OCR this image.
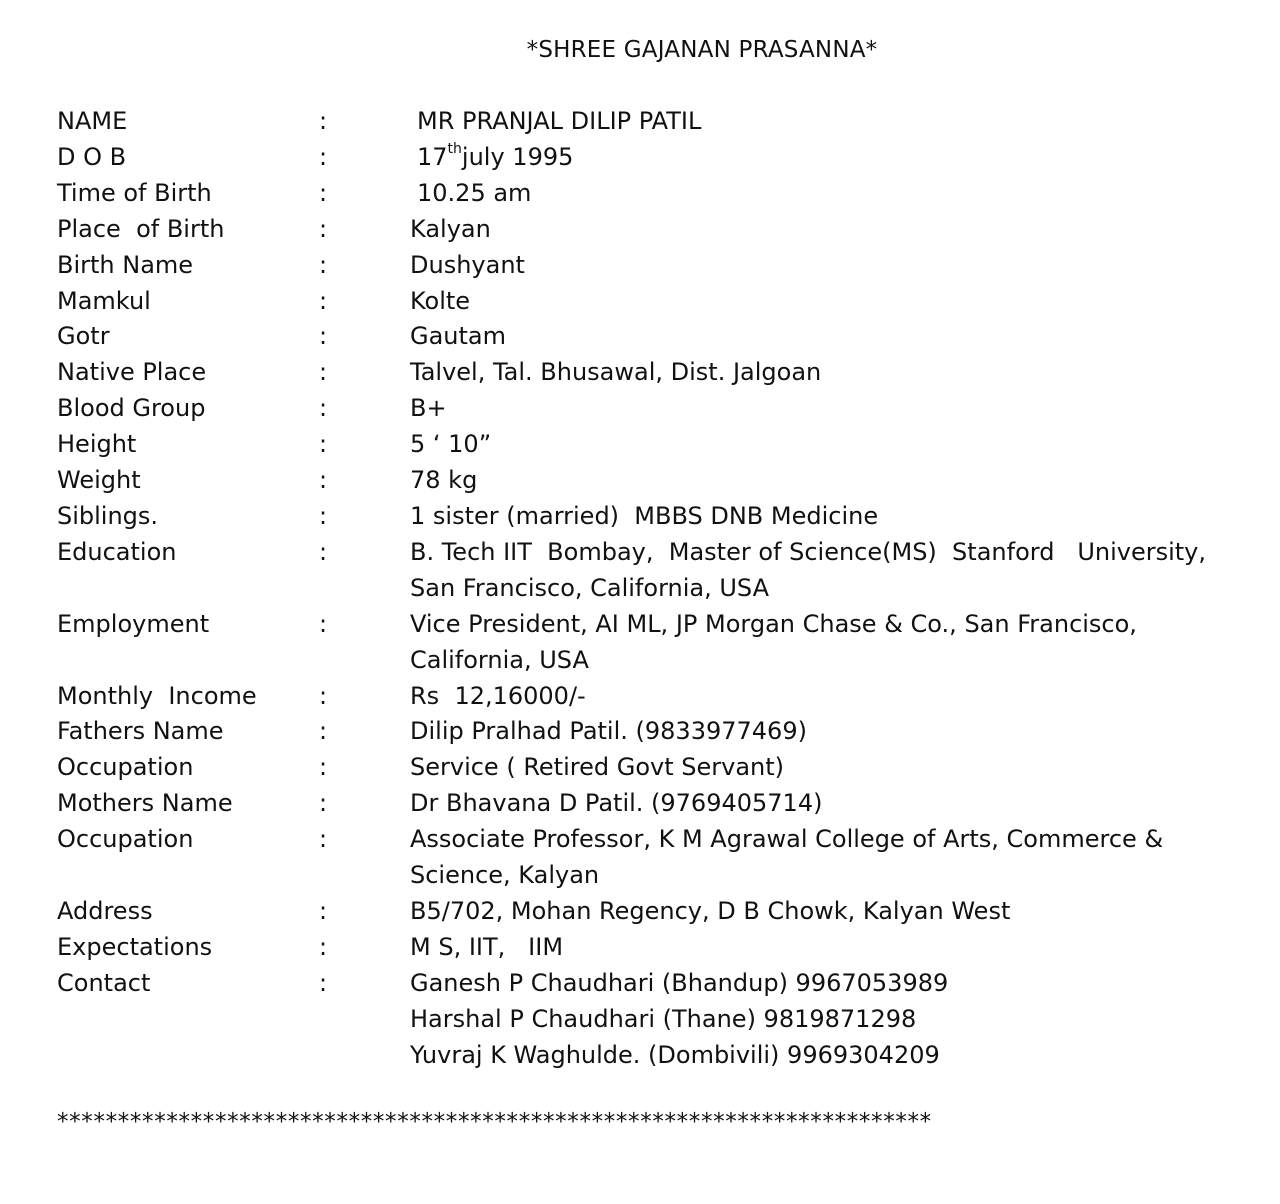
*SHREE GAJANAN PRASANNA*
NAME	:	MR PRANJAL DILIP PATIL
D O B	:	17thjuly 1995
Time of Birth	:	10.25 am
Place  of Birth	:	Kalyan
Birth Name	:	Dushyant
Mamkul	:	Kolte
Gotr	:	Gautam
Native Place	:	Talvel, Tal. Bhusawal, Dist. Jalgoan
Blood Group	:	B+
Height	:	5 ‘ 10”
Weight	:	78 kg
Siblings.	:	1 sister (married)  MBBS DNB Medicine
Education	:	B. Tech IIT  Bombay,  Master of Science(MS)  Stanford   University,
San Francisco, California, USA
Employment	:	Vice President, AI ML, JP Morgan Chase & Co., San Francisco,
California, USA
Monthly  Income	:	Rs  12,16000/-
Fathers Name	:	Dilip Pralhad Patil. (9833977469)
Occupation	:	Service ( Retired Govt Servant)
Mothers Name	:	Dr Bhavana D Patil. (9769405714)
Occupation	:	Associate Professor, K M Agrawal College of Arts, Commerce &
Science, Kalyan
Address	:	B5/702, Mohan Regency, D B Chowk, Kalyan West
Expectations	:	M S, IIT,   IIM
Contact	:	Ganesh P Chaudhari (Bhandup) 9967053989
Harshal P Chaudhari (Thane) 9819871298
Yuvraj K Waghulde. (Dombivili) 9969304209
************************************************************************
